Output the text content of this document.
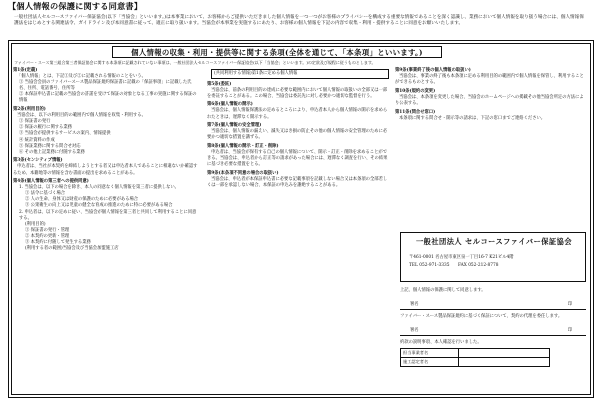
【個人情報の保護に関する同意書】
一般社団法人セルコースファイバー保証協会(以下「当協会」といいます。)は本事業において、お客様からご提供いただきました個人情報を一つ一つがお客様のプライバシーを構成する重要な情報であることを深く認識し、業務において個人情報を取り扱う場合には、個人情報保護法をはじめとする関連法令、ガイドライン及び本同意書に従って、適正に取り扱います。当協会が本事業を実施するにあたり、お客様の個人情報を下記の内容で収集・利用・提供することに同意をお願いいたします。
個人情報の収集・利用・提供等に関する条項(全体を通じて、「本条項」といいます。)
ファイバー・スース第三組合第三者保証協会に関する本条項に記載されていない事項は、一般社団法人セルコースファイバー保証協会(以下「当協会」といいます。)の定款及び規程に従うものとします。
第1条(定義)
「個人情報」とは、下記①及び②に記載される情報のことをいう。
① 当協会会員のファイバースース製品保証規約保証書に記載の「保証事項」に記載した氏名、住所、電話番号、住所等
② 本保証申込書に記載の当協会の許諾を受けて保証の対象となる工事の実施に関する保証の情報
第2条(利用目的)
当協会は、以下の利用目的の範囲内で個人情報を収集・利用する。
① 保証書の発行
② 保証の履行に関する業務
③ 当協会が提供するサービスの案内、情報提供
④ 統計資料の作成
⑤ 保証業務に関する問合せ対応
⑥ その他上記業務に付随する業務
第3条(センシティブ情報)
申込者は、当社が本契約を締結しようとする者又は申込者本人であることに相違ないか確認するため、本籍地等の情報を含む書面の提出を求めることがある。
第4条(個人情報の第三者への提供同意)
1. 当協会は、以下の場合を除き、本人の同意なく個人情報を第三者に提供しない。
① 法令に基づく場合
② 人の生命、身体又は財産の保護のために必要がある場合
③ 公衆衛生の向上又は児童の健全な育成の推進のために特に必要がある場合
2. 申込者は、以下の定めに従い、当協会が個人情報を第三者と共同して利用することに同意する。
(利用目的)
① 保証書の発行・管理
② 本契約の更新・管理
③ 本契約に付随して発生する業務
(利用する者の範囲)当協会及び当協会加盟施工店
(共同利用する情報)第1条に定める個人情報
第5条(委託)
当協会は、前条の利用目的の達成に必要な範囲内において個人情報の取扱いの全部又は一部を委託することがある。この場合、当協会は委託先に対し必要かつ適切な監督を行う。
第6条(個人情報の開示)
当協会は、個人情報保護法の定めるところにより、申込者本人から個人情報の開示を求められたときは、遅滞なく開示する。
第7条(個人情報の安全管理)
当協会は、個人情報の漏えい、滅失又はき損の防止その他の個人情報の安全管理のために必要かつ適切な措置を講ずる。
第8条(個人情報の開示・訂正・削除)
申込者は、当協会が保有する自己の個人情報について、開示・訂正・削除を求めることができる。当協会は、申込者から訂正等の請求があった場合には、遅滞なく調査を行い、その結果に基づき必要な措置をとる。
第9条(本条項不同意の場合の取扱い)
当協会は、申込者が本保証申込書に必要な記載事項を記載しない場合又は本条項の全部若しくは一部を承認しない場合、本保証の申込みを謝絶することがある。
第9条(事業終了後の個人情報の取扱い)
当協会は、事業の終了後も本条項に定める利用目的の範囲内で個人情報を保管し、利用することができるものとする。
第10条(規約の変更)
当協会は、本条項を変更した場合、当協会のホームページへの掲載その他当協会所定の方法により公表する。
第11条(問合せ窓口)
本条項に関する問合せ・開示等の請求は、下記の窓口までご連絡ください。
一般社団法人 セルコースファイバー保証協会
〒461-0001 名古屋市東区泉一丁目16-7 K21ビル4階
TEL 052-971-3335　　FAX 052-212-8778
上記、個人情報の保護に関して同意します。
署名	印
ファイバー・スース製品保証規約に基づく保証について、契約の代理を委任します。
署名	印
約款の説明事項、本人確認を行いました。
担当事業者名	
施工認定者名	
